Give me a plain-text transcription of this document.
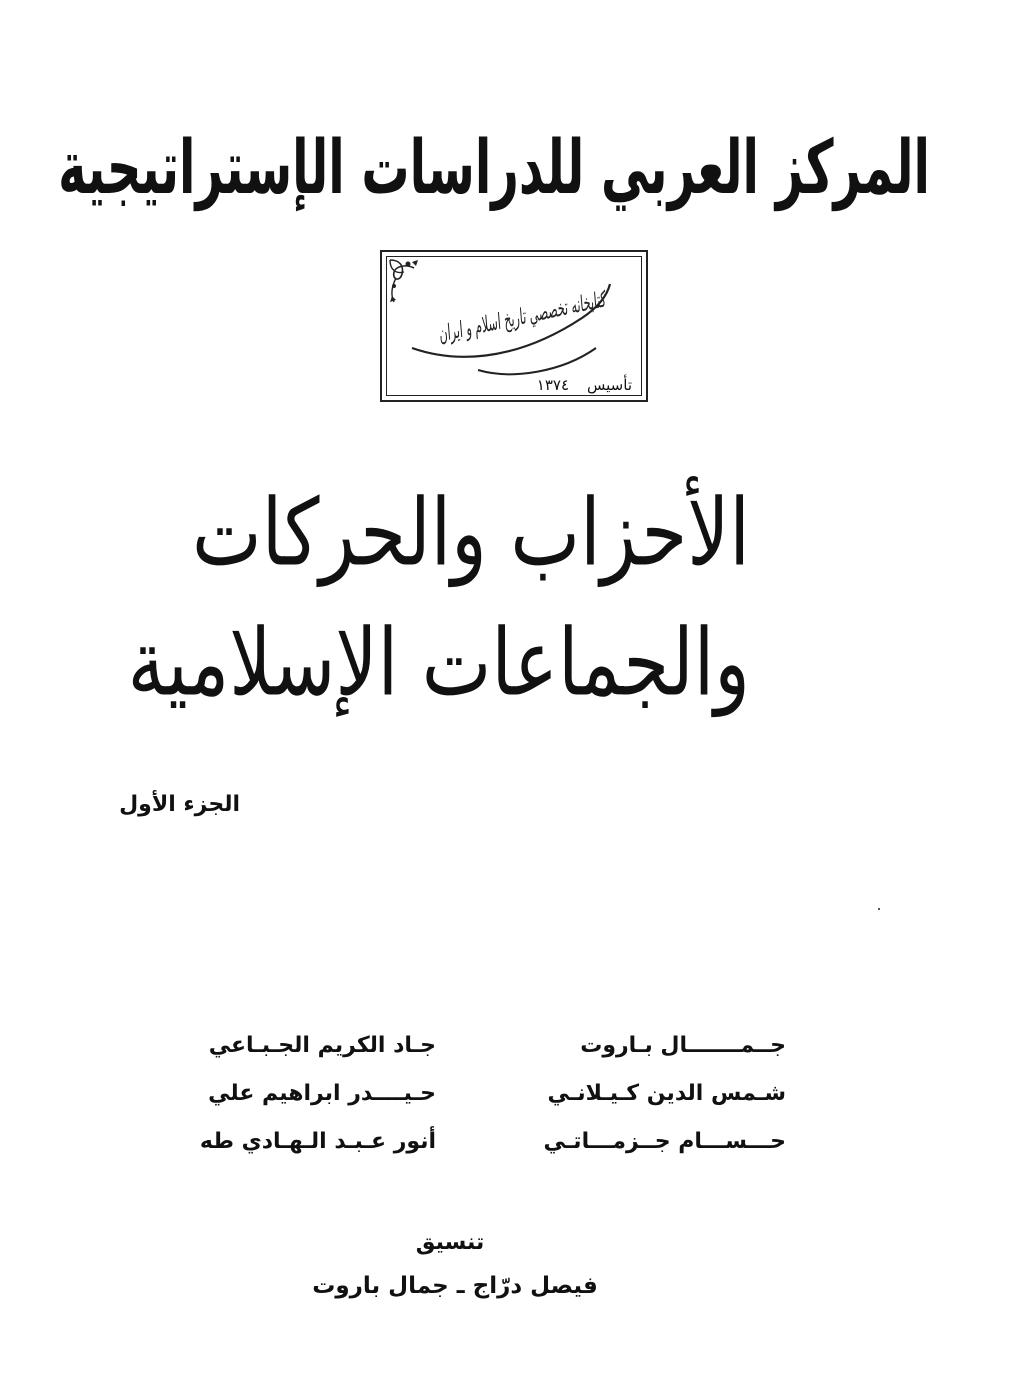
المركز العربي للدراسات الإستراتيجية
كتابخانه تخصصي تاريخ اسلام و ايران
تأسيس١٣٧٤
الأحزاب والحركات
والجماعات الإسلامية
الجزء الأول
جــمـــــــال بـاروت
شـمس الدين كـيـلانـي
حـــســـام جــزمـــاتـي
جـاد الكريم الجـبـاعي
حـيــــدر ابراهيم علي
أنور عـبـد الـهـادي طه
تنسيق
فيصل درّاج ـ جمال باروت
